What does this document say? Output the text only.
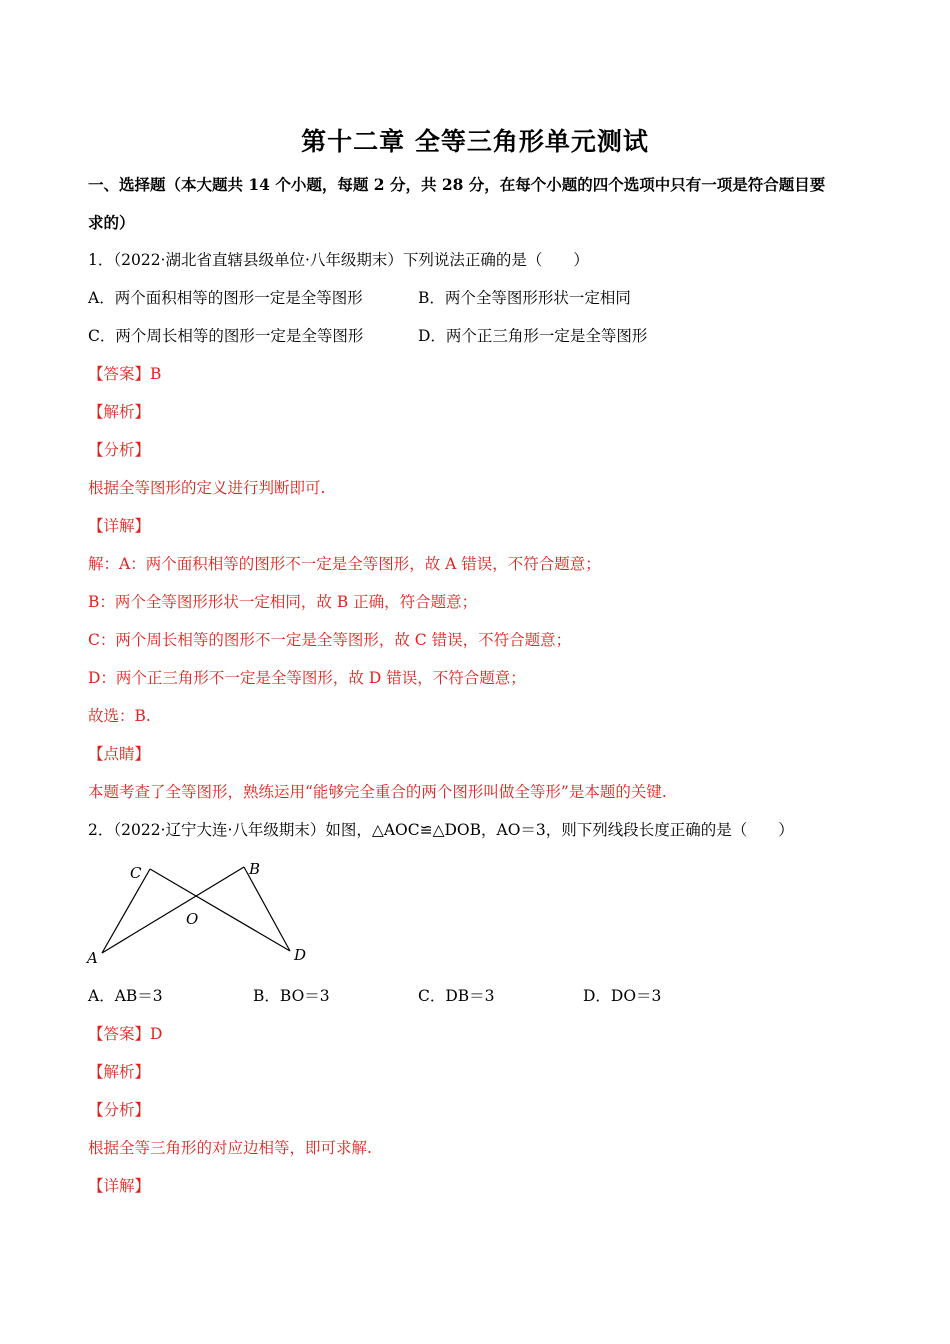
第十二章 全等三角形单元测试
一、选择题（本大题共 14 个小题，每题 2 分，共 28 分，在每个小题的四个选项中只有一项是符合题目要
求的）
1．（2022·湖北省直辖县级单位·八年级期末）下列说法正确的是（　　）
A．两个面积相等的图形一定是全等图形	B．两个全等图形形状一定相同
C．两个周长相等的图形一定是全等图形	D．两个正三角形一定是全等图形
【答案】B
【解析】
【分析】
根据全等图形的定义进行判断即可.
【详解】
解：A：两个面积相等的图形不一定是全等图形，故 A 错误，不符合题意；
B：两个全等图形形状一定相同，故 B 正确，符合题意；
C：两个周长相等的图形不一定是全等图形，故 C 错误，不符合题意；
D：两个正三角形不一定是全等图形，故 D 错误，不符合题意；
故选：B.
【点睛】
本题考查了全等图形，熟练运用“能够完全重合的两个图形叫做全等形”是本题的关键.
2．（2022·辽宁大连·八年级期末）如图，△AOC≌△DOB，AO＝3，则下列线段长度正确的是（　　）
C	B
O
A	D
A．AB＝3	B．BO＝3	C．DB＝3	D．DO＝3
【答案】D
【解析】
【分析】
根据全等三角形的对应边相等，即可求解.
【详解】
